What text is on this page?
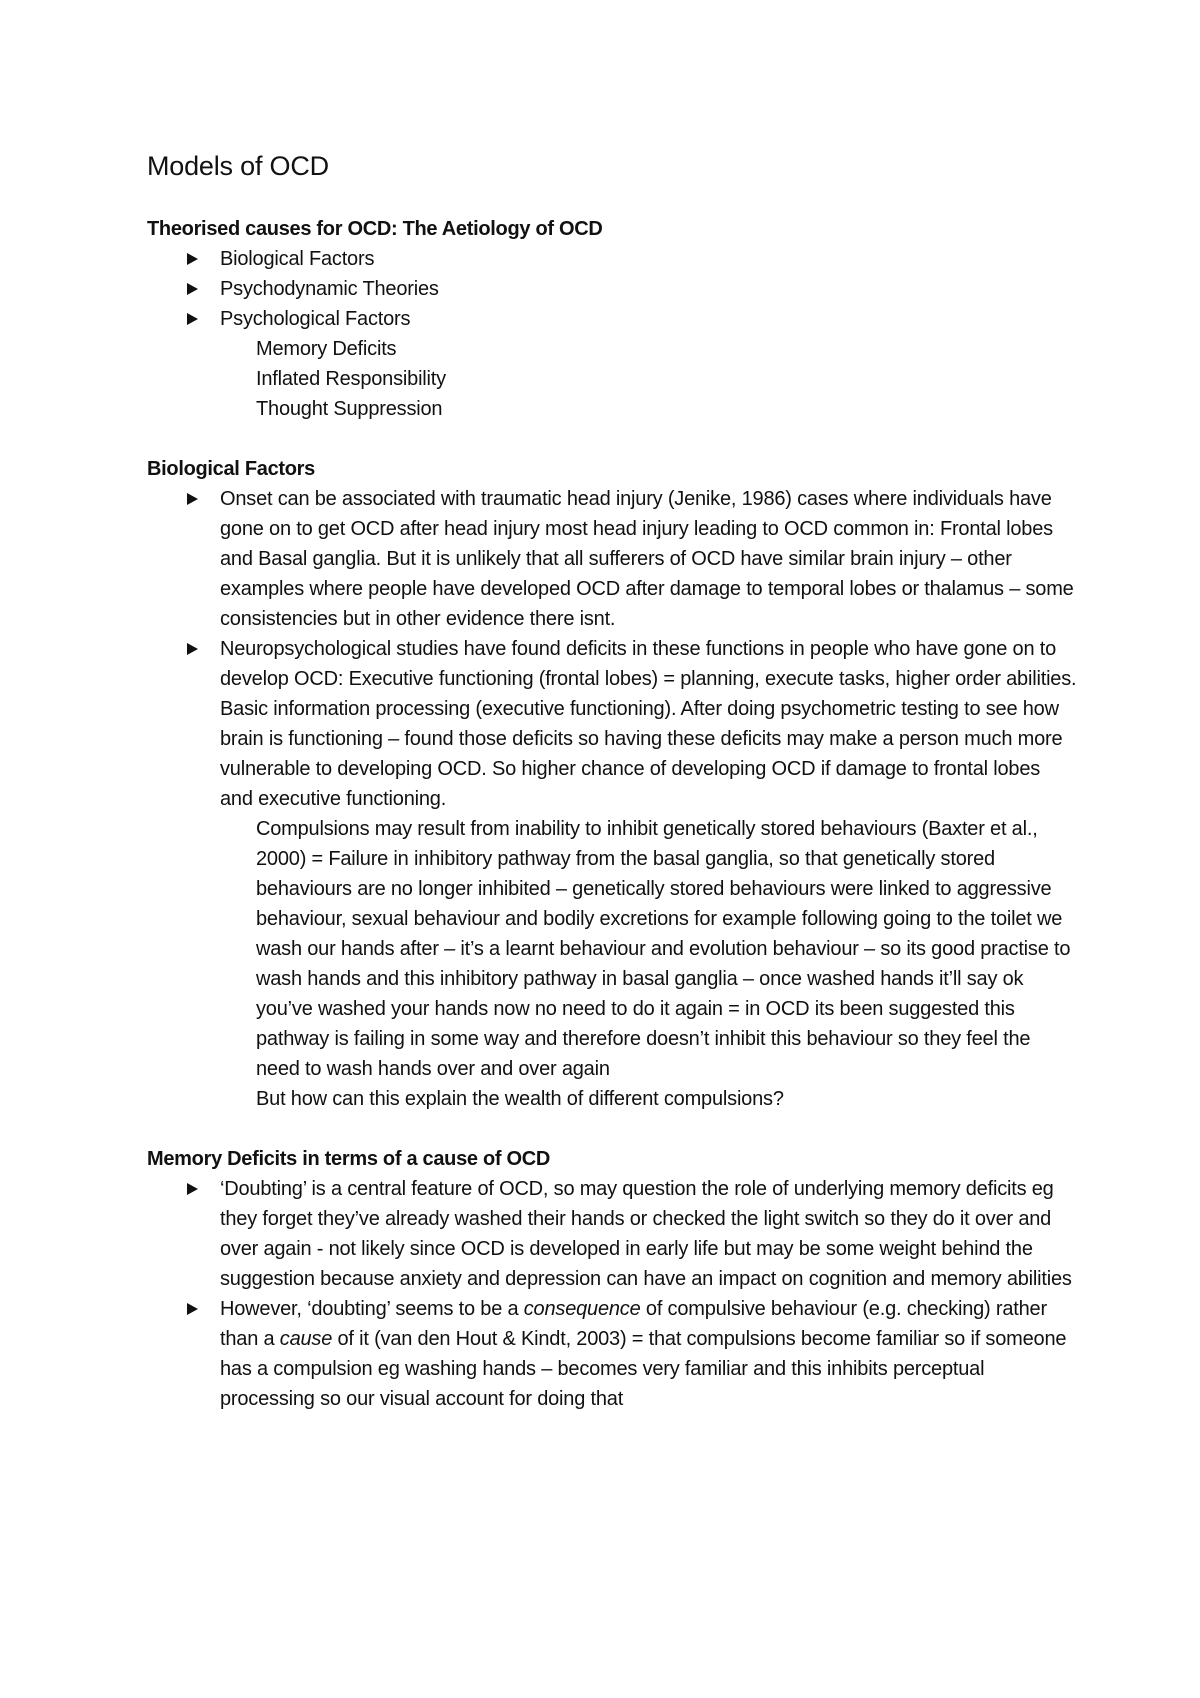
Models of OCD
Theorised causes for OCD: The Aetiology of OCD
Biological Factors
Psychodynamic Theories
Psychological Factors
Memory Deficits
Inflated Responsibility
Thought Suppression
Biological Factors
Onset can be associated with traumatic head injury (Jenike, 1986) cases where individuals have gone on to get OCD after head injury most head injury leading to OCD common in: Frontal lobes and Basal ganglia. But it is unlikely that all sufferers of OCD have similar brain injury – other examples where people have developed OCD after damage to temporal lobes or thalamus – some consistencies but in other evidence there isnt.
Neuropsychological studies have found deficits in these functions in people who have gone on to develop OCD: Executive functioning (frontal lobes) = planning, execute tasks, higher order abilities. Basic information processing (executive functioning). After doing psychometric testing to see how brain is functioning – found those deficits so having these deficits may make a person much more vulnerable to developing OCD. So higher chance of developing OCD if damage to frontal lobes and executive functioning.
Compulsions may result from inability to inhibit genetically stored behaviours (Baxter et al., 2000) = Failure in inhibitory pathway from the basal ganglia, so that genetically stored behaviours are no longer inhibited – genetically stored behaviours were linked to aggressive behaviour, sexual behaviour and bodily excretions for example following going to the toilet we wash our hands after – it’s a learnt behaviour and evolution behaviour – so its good practise to wash hands and this inhibitory pathway in basal ganglia – once washed hands it’ll say ok you’ve washed your hands now no need to do it again = in OCD its been suggested this pathway is failing in some way and therefore doesn’t inhibit this behaviour so they feel the need to wash hands over and over again
But how can this explain the wealth of different compulsions?
Memory Deficits in terms of a cause of OCD
‘Doubting’ is a central feature of OCD, so may question the role of underlying memory deficits eg they forget they’ve already washed their hands or checked the light switch so they do it over and over again - not likely since OCD is developed in early life but may be some weight behind the suggestion because anxiety and depression can have an impact on cognition and memory abilities
However, ‘doubting’ seems to be a consequence of compulsive behaviour (e.g. checking) rather than a cause of it (van den Hout & Kindt, 2003) = that compulsions become familiar so if someone has a compulsion eg washing hands – becomes very familiar and this inhibits perceptual processing so our visual account for doing that
